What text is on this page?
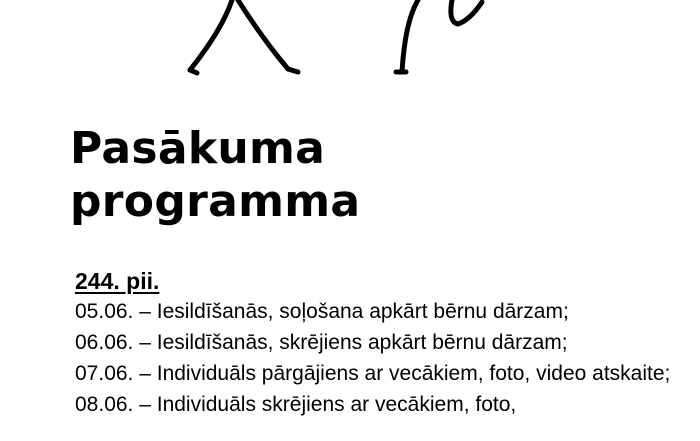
Pasākuma
programma
244. pii.
05.06. – Iesildīšanās, soļošana apkārt bērnu dārzam;
06.06. – Iesildīšanās, skrējiens apkārt bērnu dārzam;
07.06. – Individuāls pārgājiens ar vecākiem, foto, video atskaite;
08.06. – Individuāls skrējiens ar vecākiem, foto,
